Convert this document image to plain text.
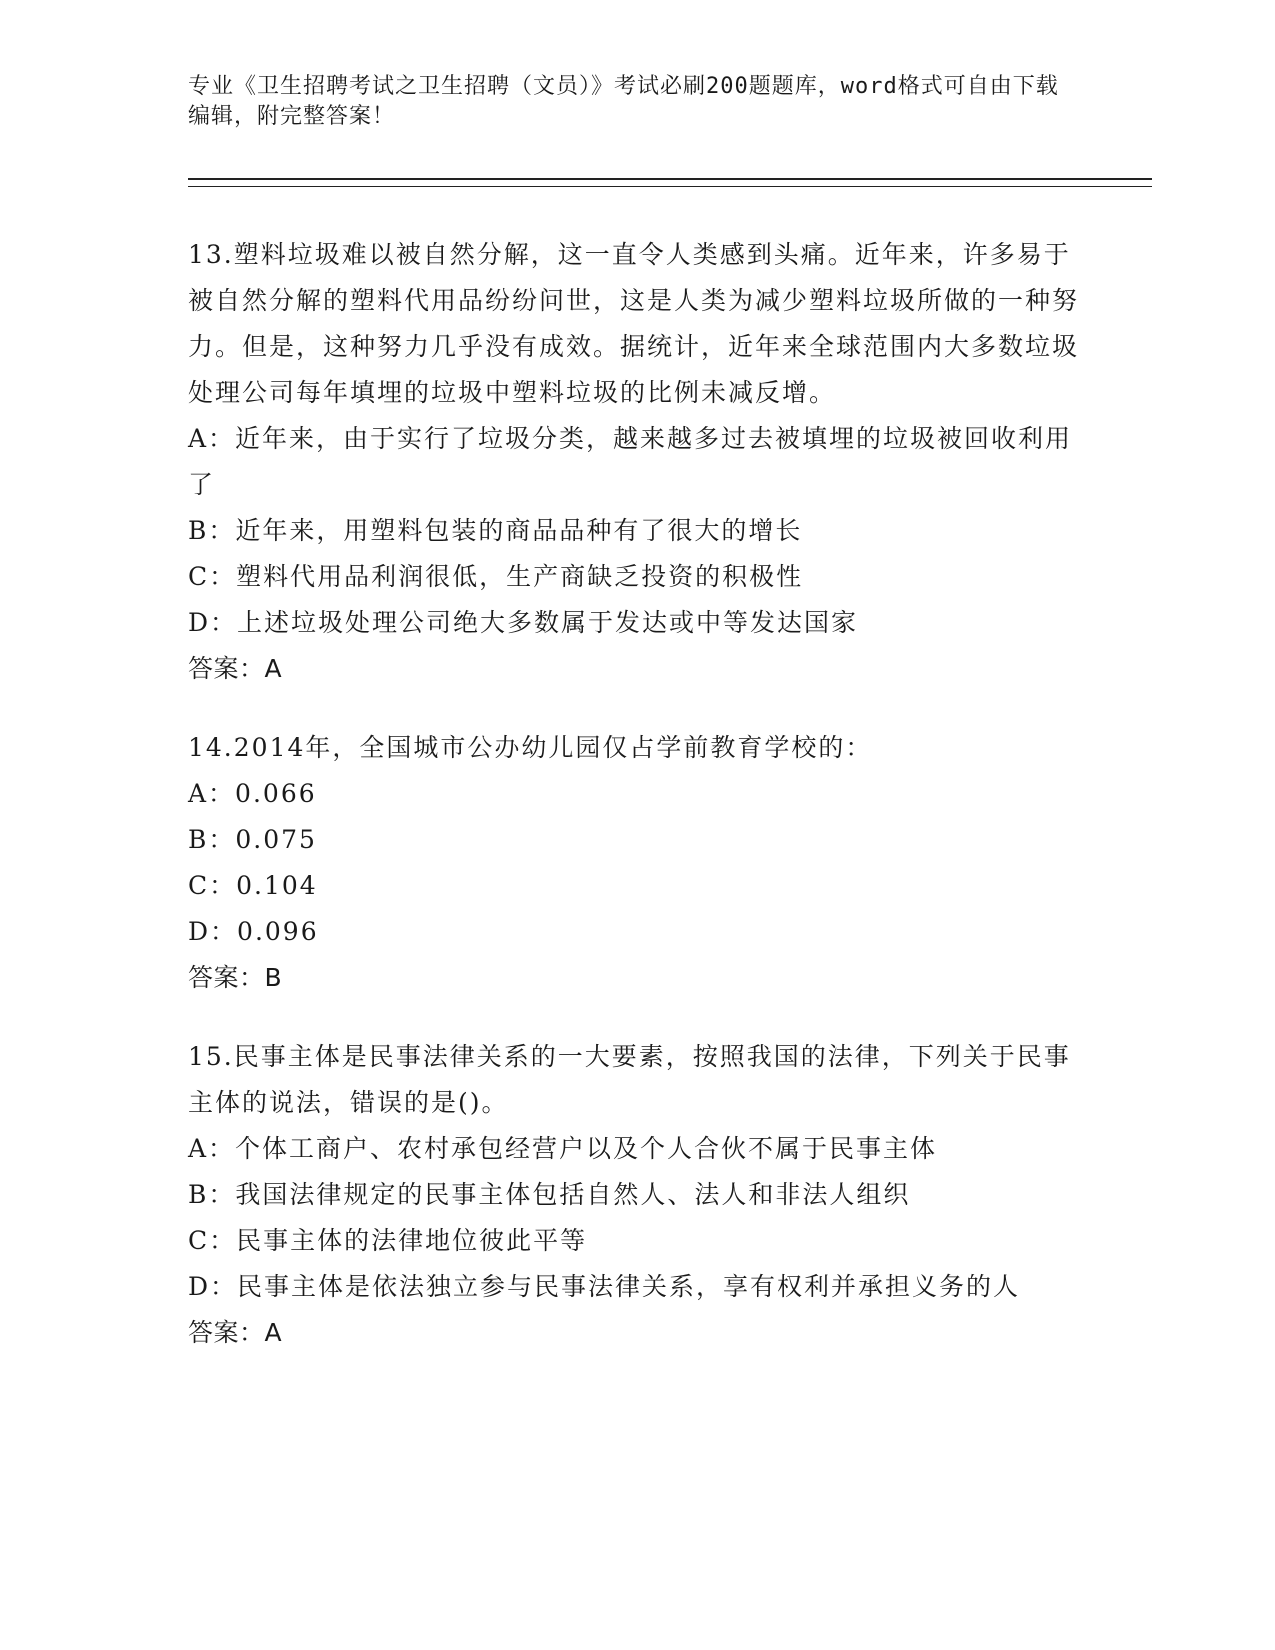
专业《卫生招聘考试之卫生招聘（文员）》考试必刷200题题库，word格式可自由下载编辑，附完整答案！
13.塑料垃圾难以被自然分解，这一直令人类感到头痛。近年来，许多易于被自然分解的塑料代用品纷纷问世，这是人类为减少塑料垃圾所做的一种努力。但是，这种努力几乎没有成效。据统计，近年来全球范围内大多数垃圾处理公司每年填埋的垃圾中塑料垃圾的比例未减反增。
A：近年来，由于实行了垃圾分类，越来越多过去被填埋的垃圾被回收利用了
B：近年来，用塑料包装的商品品种有了很大的增长
C：塑料代用品利润很低，生产商缺乏投资的积极性
D：上述垃圾处理公司绝大多数属于发达或中等发达国家
答案：A
14.2014年，全国城市公办幼儿园仅占学前教育学校的：
A：0.066
B：0.075
C：0.104
D：0.096
答案：B
15.民事主体是民事法律关系的一大要素，按照我国的法律，下列关于民事主体的说法，错误的是()。
A：个体工商户、农村承包经营户以及个人合伙不属于民事主体
B：我国法律规定的民事主体包括自然人、法人和非法人组织
C：民事主体的法律地位彼此平等
D：民事主体是依法独立参与民事法律关系，享有权利并承担义务的人
答案：A
